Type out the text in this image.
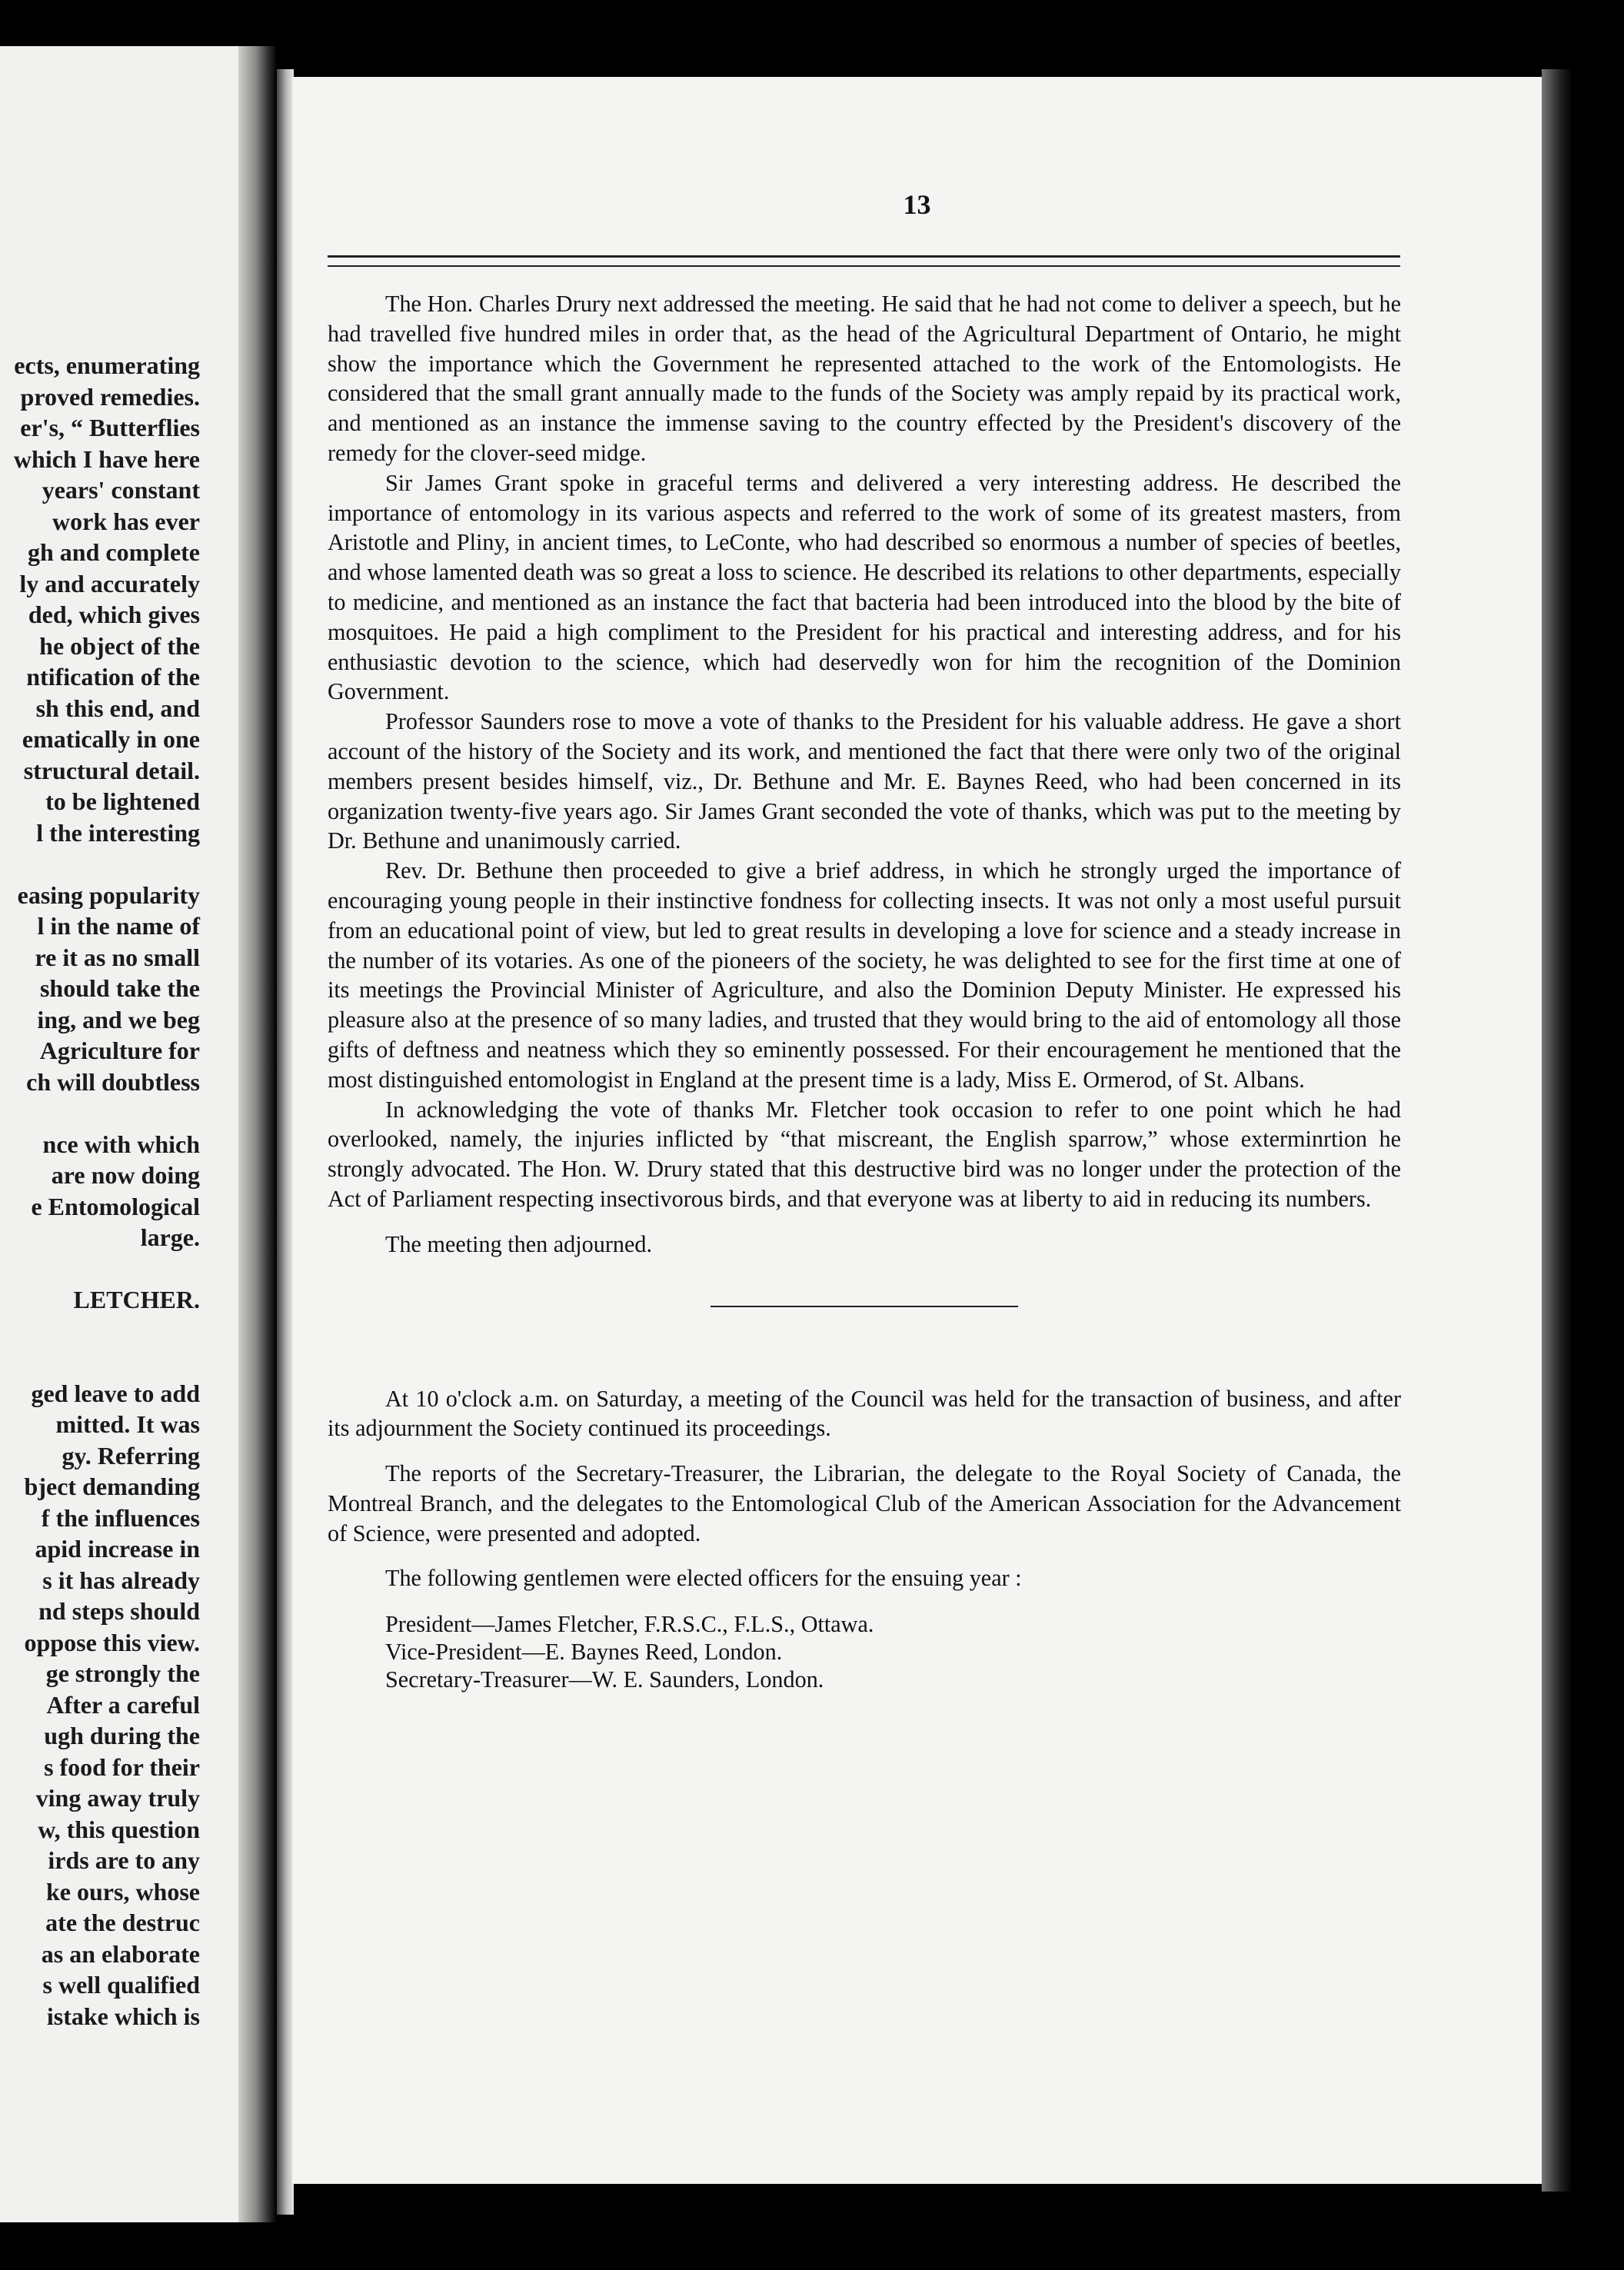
ects, enumerating
proved remedies.
er's, “ Butterflies
which I have here
years' constant
work has ever
gh and complete
ly and accurately
ded, which gives
he object of the
ntification of the
sh this end, and
ematically in one
structural detail.
to be lightened
l the interesting
easing popularity
l in the name of
re it as no small
should take the
ing, and we beg
Agriculture for
ch will doubtless
nce with which
are now doing
e Entomological
large.
LETCHER.
ged leave to add
mitted. It was
gy. Referring
bject demanding
f the influences
apid increase in
s it has already
nd steps should
oppose this view.
ge strongly the
After a careful
ugh during the
s food for their
ving away truly
w, this question
irds are to any
ke ours, whose
ate the destruc
as an elaborate
s well qualified
istake which is
13

The Hon. Charles Drury next addressed the meeting. He said that he had not come to deliver a speech, but he had travelled five hundred miles in order that, as the head of the Agricultural Department of Ontario, he might show the importance which the Government he represented attached to the work of the Entomologists. He considered that the small grant annually made to the funds of the Society was amply repaid by its practical work, and mentioned as an instance the immense saving to the country effected by the President's discovery of the remedy for the clover-seed midge.

Sir James Grant spoke in graceful terms and delivered a very interesting address. He described the importance of entomology in its various aspects and referred to the work of some of its greatest masters, from Aristotle and Pliny, in ancient times, to LeConte, who had described so enormous a number of species of beetles, and whose lamented death was so great a loss to science. He described its relations to other departments, especially to medicine, and mentioned as an instance the fact that bacteria had been introduced into the blood by the bite of mosquitoes. He paid a high compliment to the President for his practical and interesting address, and for his enthusiastic devotion to the science, which had deservedly won for him the recognition of the Dominion Government.

Professor Saunders rose to move a vote of thanks to the President for his valuable address. He gave a short account of the history of the Society and its work, and mentioned the fact that there were only two of the original members present besides himself, viz., Dr. Bethune and Mr. E. Baynes Reed, who had been concerned in its organization twenty-five years ago. Sir James Grant seconded the vote of thanks, which was put to the meeting by Dr. Bethune and unanimously carried.

Rev. Dr. Bethune then proceeded to give a brief address, in which he strongly urged the importance of encouraging young people in their instinctive fondness for collecting insects. It was not only a most useful pursuit from an educational point of view, but led to great results in developing a love for science and a steady increase in the number of its votaries. As one of the pioneers of the society, he was delighted to see for the first time at one of its meetings the Provincial Minister of Agriculture, and also the Dominion Deputy Minister. He expressed his pleasure also at the presence of so many ladies, and trusted that they would bring to the aid of entomology all those gifts of deftness and neatness which they so eminently possessed. For their encouragement he mentioned that the most distinguished entomologist in England at the present time is a lady, Miss E. Ormerod, of St. Albans.

In acknowledging the vote of thanks Mr. Fletcher took occasion to refer to one point which he had overlooked, namely, the injuries inflicted by “that miscreant, the English sparrow,” whose exterminrtion he strongly advocated. The Hon. W. Drury stated that this destructive bird was no longer under the protection of the Act of Parliament respecting insectivorous birds, and that everyone was at liberty to aid in reducing its numbers.

The meeting then adjourned.

At 10 o'clock a.m. on Saturday, a meeting of the Council was held for the transaction of business, and after its adjournment the Society continued its proceedings.

The reports of the Secretary-Treasurer, the Librarian, the delegate to the Royal Society of Canada, the Montreal Branch, and the delegates to the Entomological Club of the American Association for the Advancement of Science, were presented and adopted.

The following gentlemen were elected officers for the ensuing year :

President—James Fletcher, F.R.S.C., F.L.S., Ottawa.
Vice-President—E. Baynes Reed, London.
Secretary-Treasurer—W. E. Saunders, London.
